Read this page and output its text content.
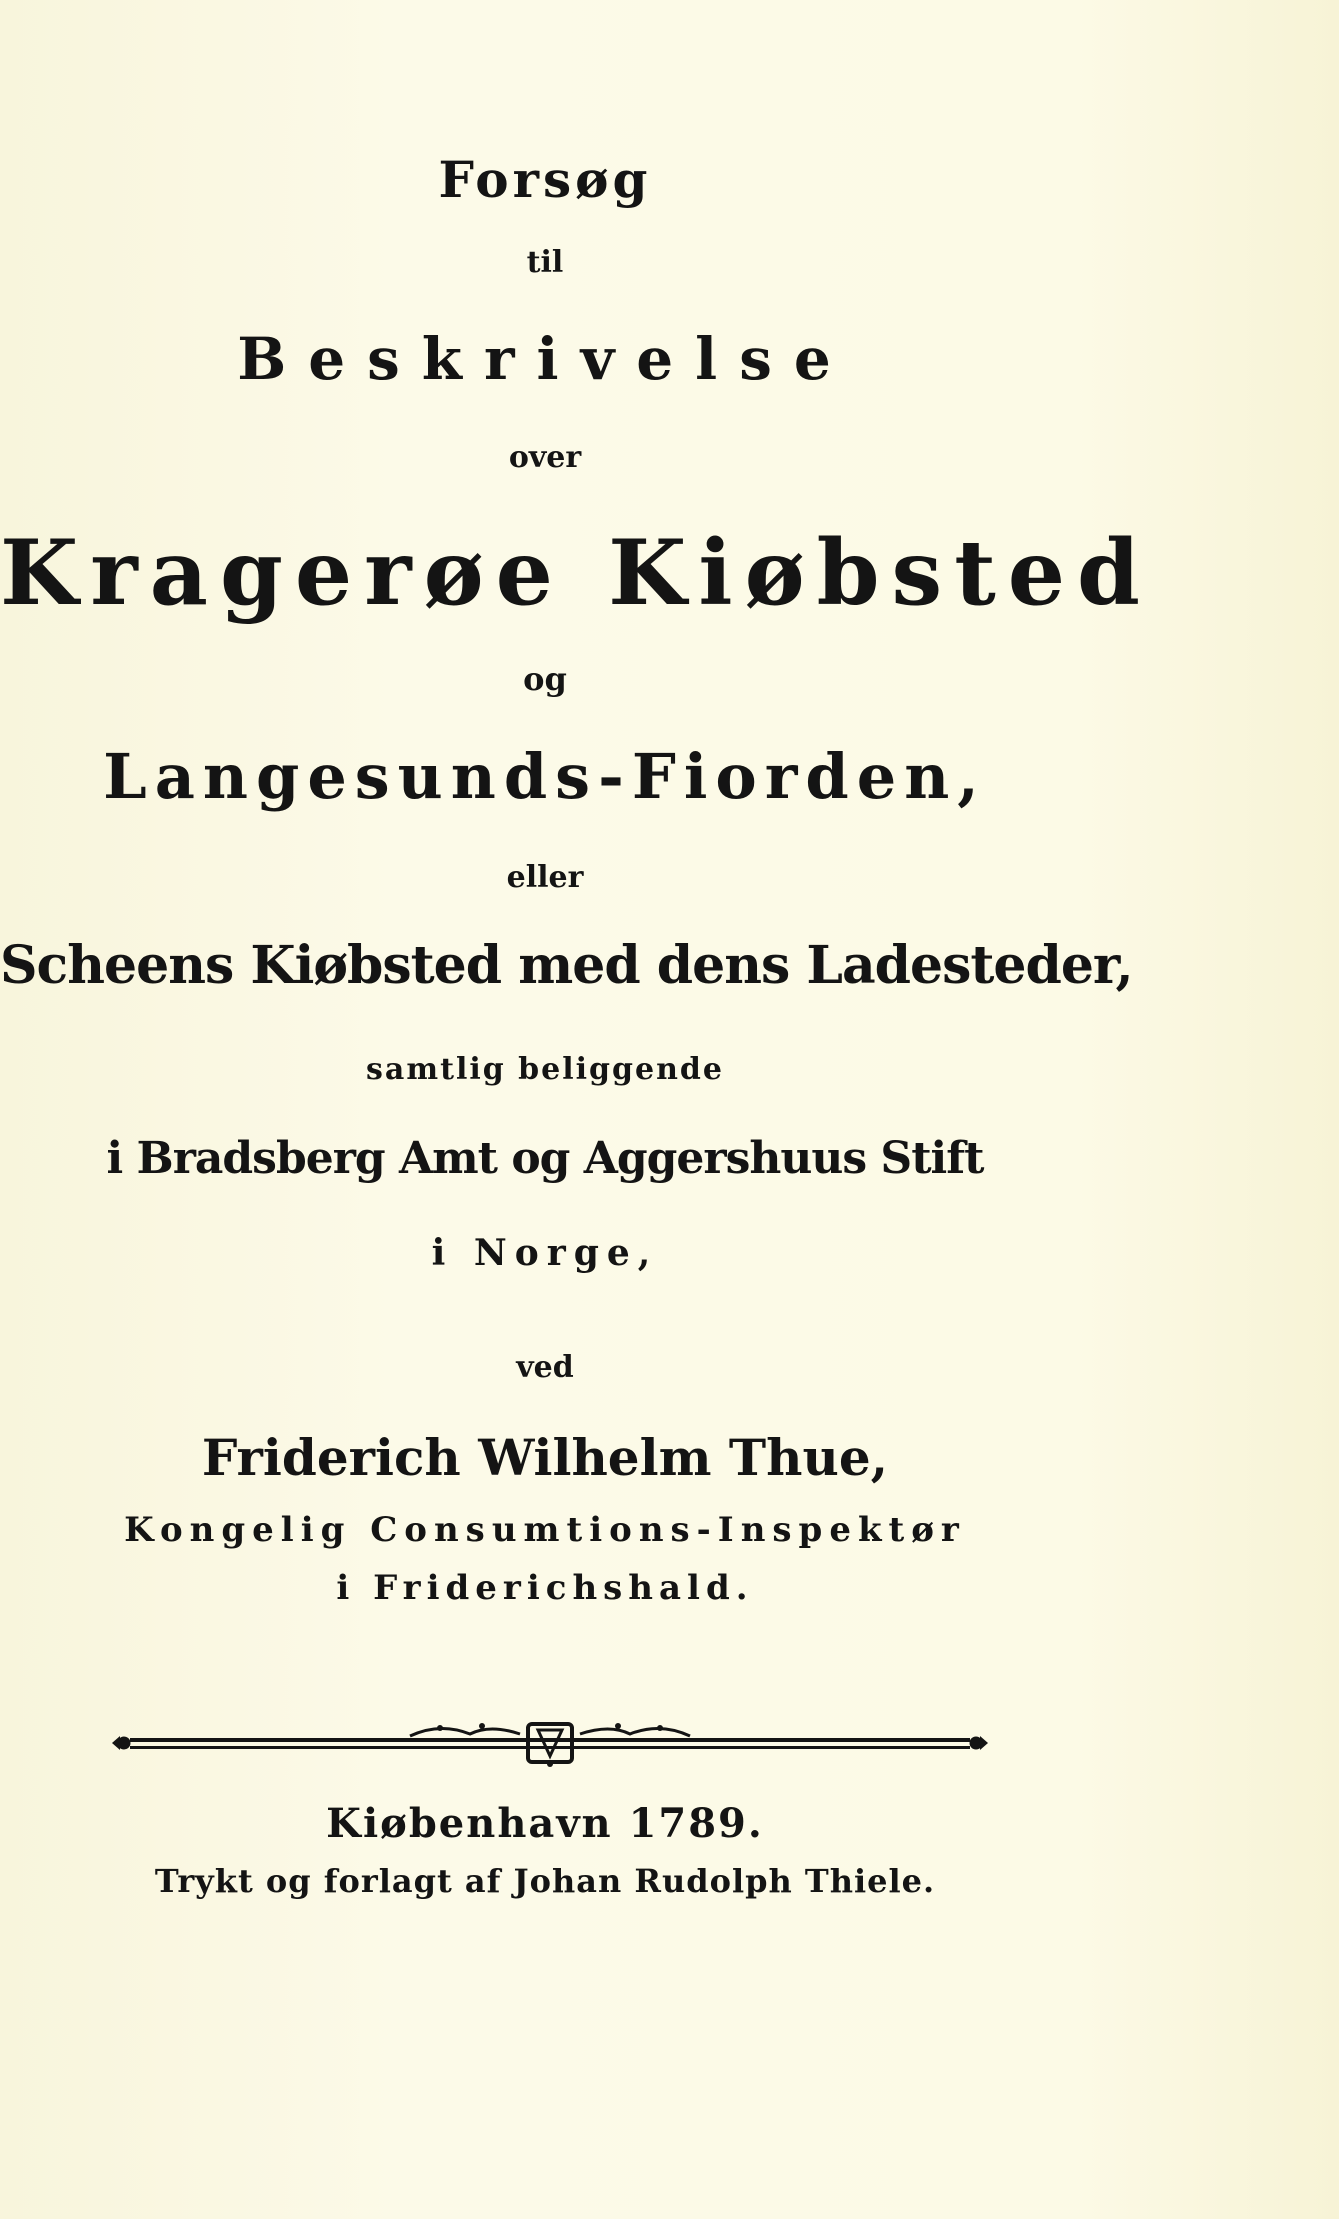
Forsøg
til
Beskrivelse
over
Kragerøe Kiøbsted
og
Langesunds-Fiorden,
eller
Scheens Kiøbsted med dens Ladesteder,
samtlig beliggende
i Bradsberg Amt og Aggershuus Stift
i Norge,
ved
Friderich Wilhelm Thue,
Kongelig Consumtions-Inspektør
i Friderichshald.
Kiøbenhavn 1789.
Trykt og forlagt af Johan Rudolph Thiele.
